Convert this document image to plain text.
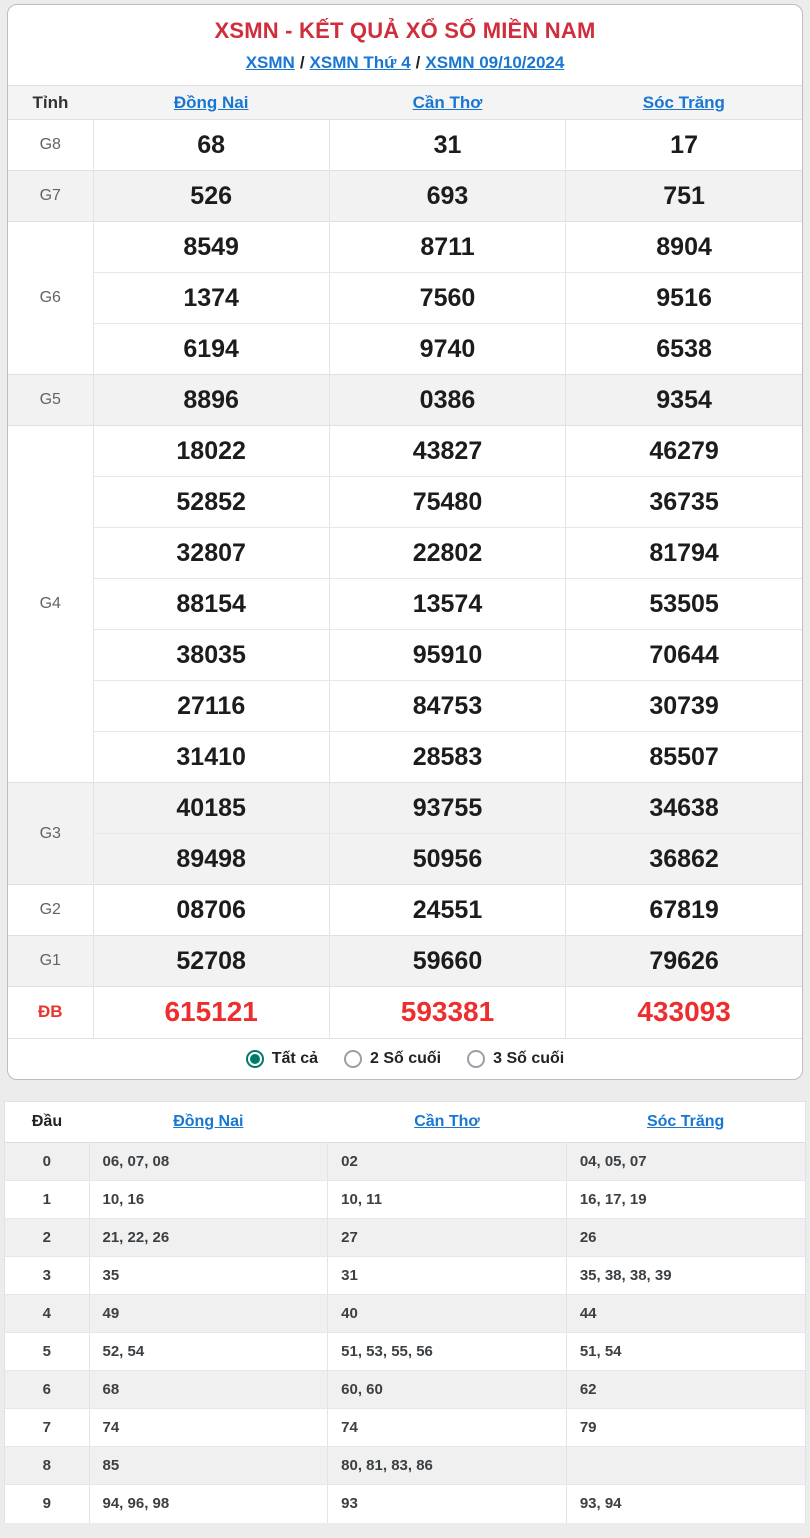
XSMN - KẾT QUẢ XỔ SỐ MIỀN NAM
XSMN / XSMN Thứ 4 / XSMN 09/10/2024
Tỉnh	Đồng Nai	Cần Thơ	Sóc Trăng
G8	68	31	17
G7	526	693	751
G6	8549	8711	8904
	1374	7560	9516
	6194	9740	6538
G5	8896	0386	9354
G4	18022	43827	46279
	52852	75480	36735
	32807	22802	81794
	88154	13574	53505
	38035	95910	70644
	27116	84753	30739
	31410	28583	85507
G3	40185	93755	34638
	89498	50956	36862
G2	08706	24551	67819
G1	52708	59660	79626
ĐB	615121	593381	433093
Tất cả	2 Số cuối	3 Số cuối
Đầu	Đồng Nai	Cần Thơ	Sóc Trăng
0	06, 07, 08	02	04, 05, 07
1	10, 16	10, 11	16, 17, 19
2	21, 22, 26	27	26
3	35	31	35, 38, 38, 39
4	49	40	44
5	52, 54	51, 53, 55, 56	51, 54
6	68	60, 60	62
7	74	74	79
8	85	80, 81, 83, 86	
9	94, 96, 98	93	93, 94
